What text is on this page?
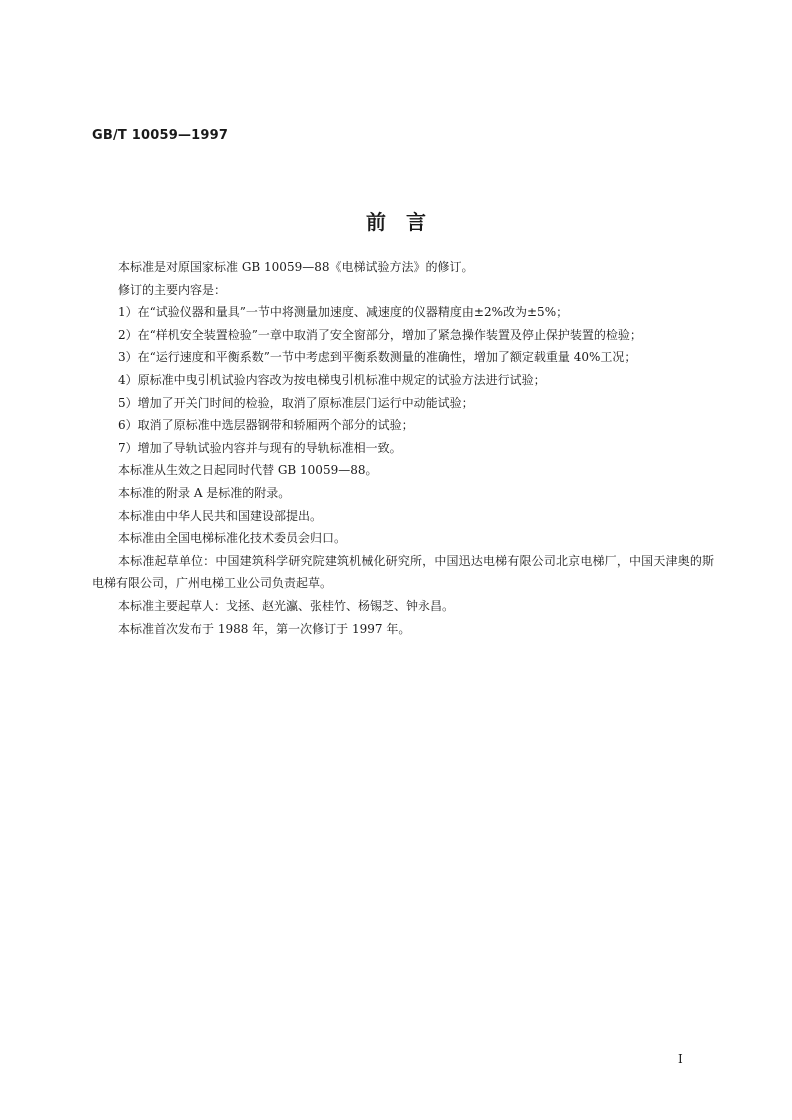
GB/T 10059—1997
前　言

本标准是对原国家标准 GB 10059—88《电梯试验方法》的修订。

修订的主要内容是：

1）在“试验仪器和量具”一节中将测量加速度、减速度的仪器精度由±2%改为±5%；

2）在“样机安全装置检验”一章中取消了安全窗部分，增加了紧急操作装置及停止保护装置的检验；

3）在“运行速度和平衡系数”一节中考虑到平衡系数测量的准确性，增加了额定载重量 40%工况；

4）原标准中曳引机试验内容改为按电梯曳引机标准中规定的试验方法进行试验；

5）增加了开关门时间的检验，取消了原标准层门运行中动能试验；

6）取消了原标准中选层器钢带和轿厢两个部分的试验；

7）增加了导轨试验内容并与现有的导轨标准相一致。

本标准从生效之日起同时代替 GB 10059—88。

本标准的附录 A 是标准的附录。

本标准由中华人民共和国建设部提出。

本标准由全国电梯标准化技术委员会归口。

本标准起草单位：中国建筑科学研究院建筑机械化研究所，中国迅达电梯有限公司北京电梯厂，中国天津奥的斯电梯有限公司，广州电梯工业公司负责起草。

本标准主要起草人：戈拯、赵光瀛、张桂竹、杨锡芝、钟永昌。

本标准首次发布于 1988 年，第一次修订于 1997 年。

I
